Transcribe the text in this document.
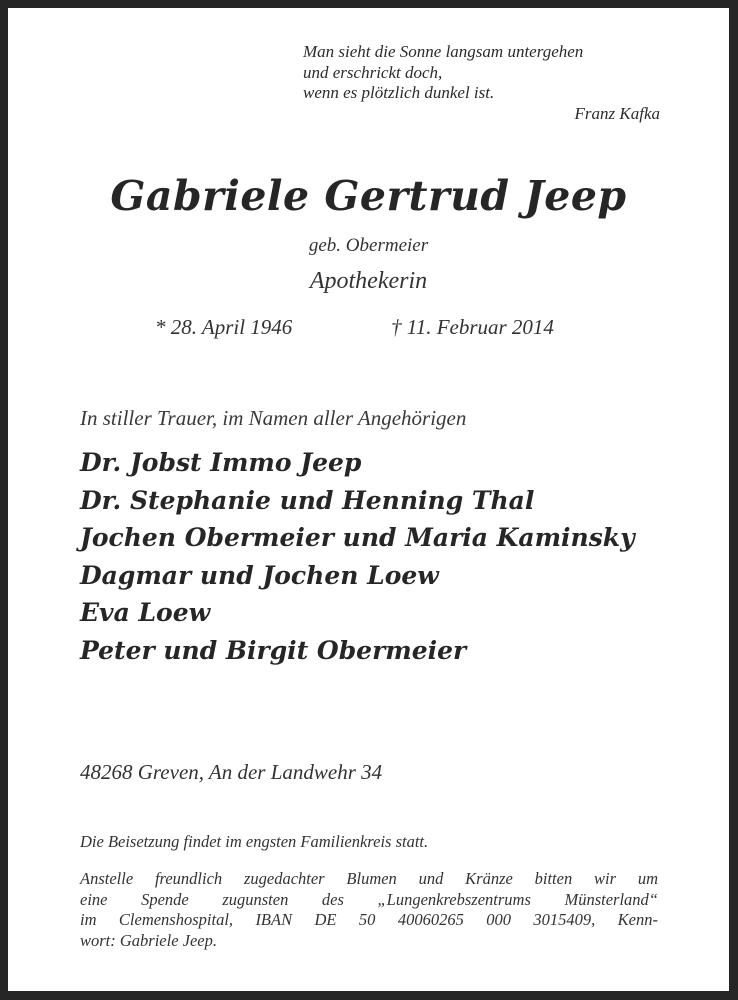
Man sieht die Sonne langsam untergehen
und erschrickt doch,
wenn es plötzlich dunkel ist.
Franz Kafka
Gabriele Gertrud Jeep
geb. Obermeier
Apothekerin
* 28. April 1946	† 11. Februar 2014
In stiller Trauer, im Namen aller Angehörigen
Dr. Jobst Immo Jeep
Dr. Stephanie und Henning Thal
Jochen Obermeier und Maria Kaminsky
Dagmar und Jochen Loew
Eva Loew
Peter und Birgit Obermeier
48268 Greven, An der Landwehr 34
Die Beisetzung findet im engsten Familienkreis statt.
Anstelle freundlich zugedachter Blumen und Kränze bitten wir um
eine Spende zugunsten des „Lungenkrebszentrums Münsterland“
im Clemenshospital, IBAN DE 50 40060265 000 3015409, Kenn-
wort: Gabriele Jeep.
